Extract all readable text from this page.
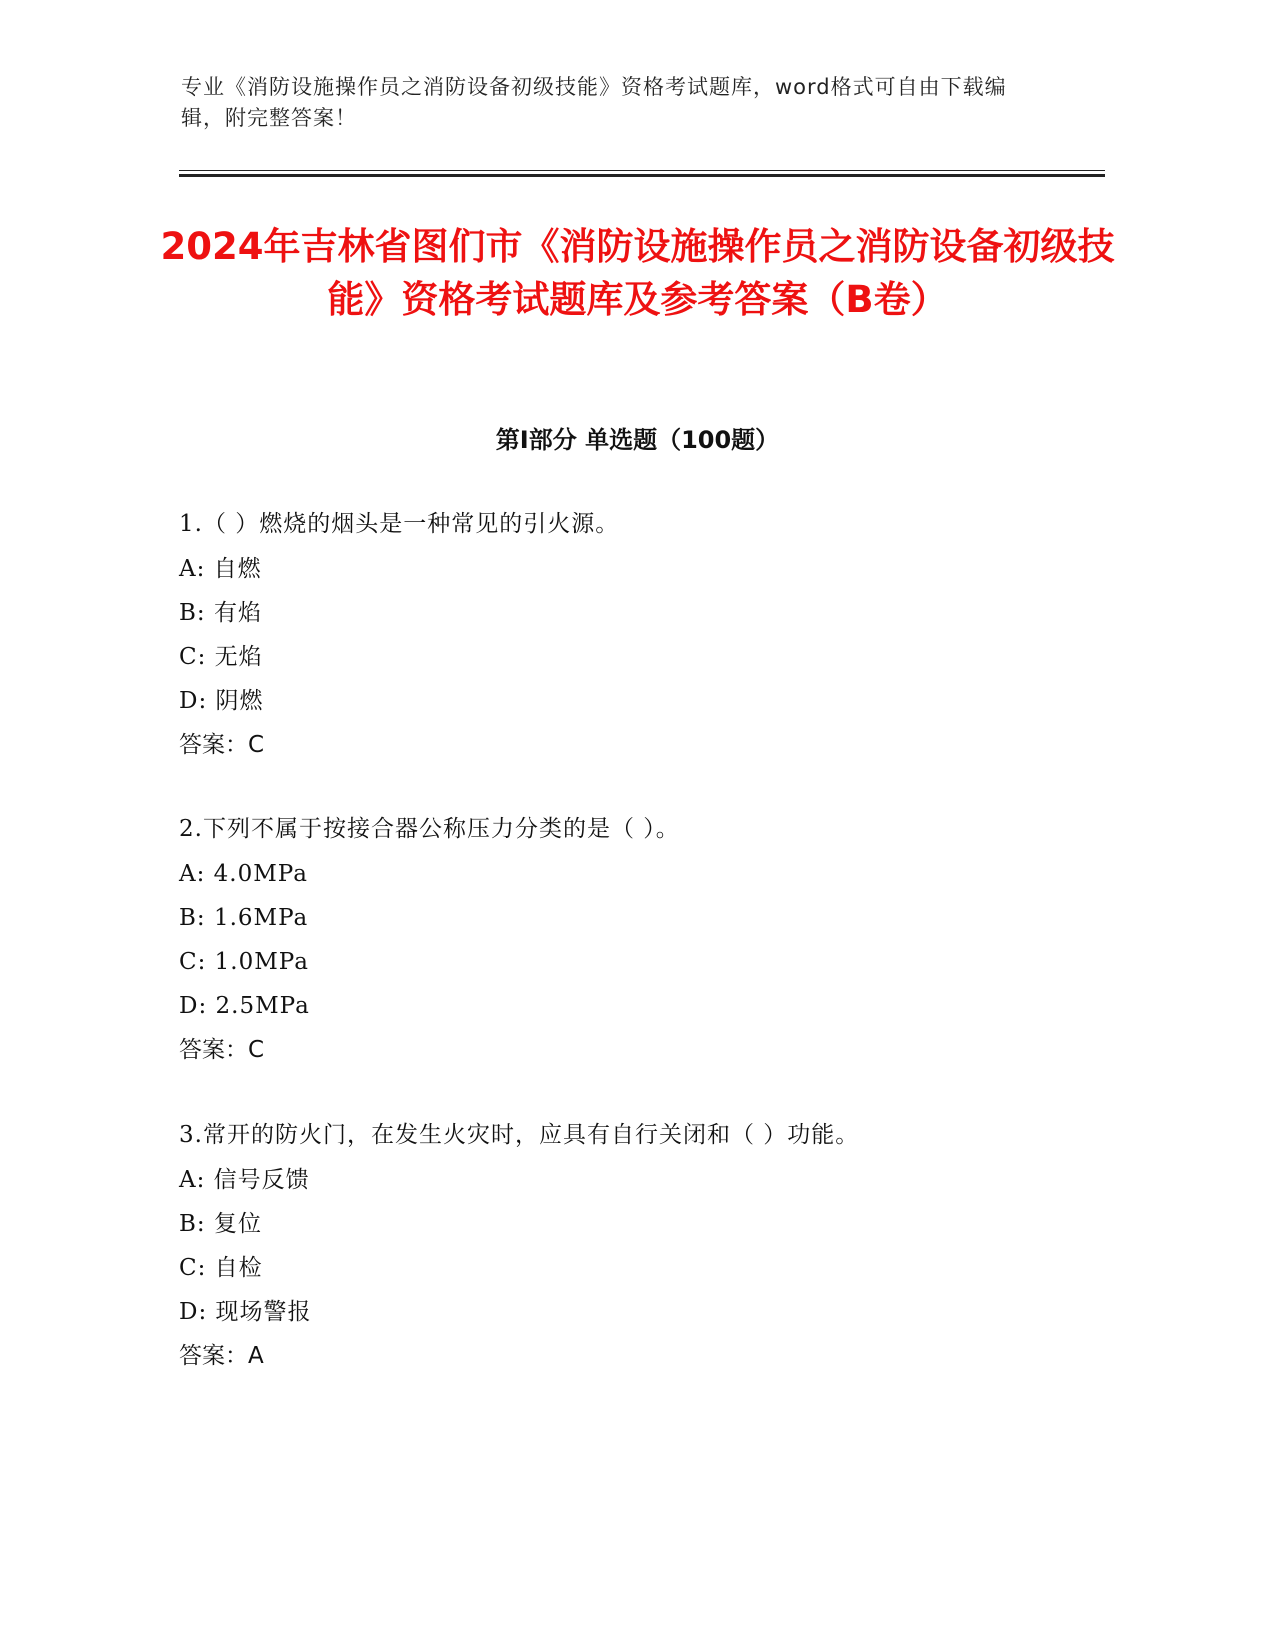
专业《消防设施操作员之消防设备初级技能》资格考试题库，word格式可自由下载编辑，附完整答案！
2024年吉林省图们市《消防设施操作员之消防设备初级技能》资格考试题库及参考答案（B卷）
第Ⅰ部分 单选题（100题）
1.（ ）燃烧的烟头是一种常见的引火源。
A: 自燃
B: 有焰
C: 无焰
D: 阴燃
答案：C
2.下列不属于按接合器公称压力分类的是（ ）。
A: 4.0MPa
B: 1.6MPa
C: 1.0MPa
D: 2.5MPa
答案：C
3.常开的防火门，在发生火灾时，应具有自行关闭和（ ）功能。
A: 信号反馈
B: 复位
C: 自检
D: 现场警报
答案：A
